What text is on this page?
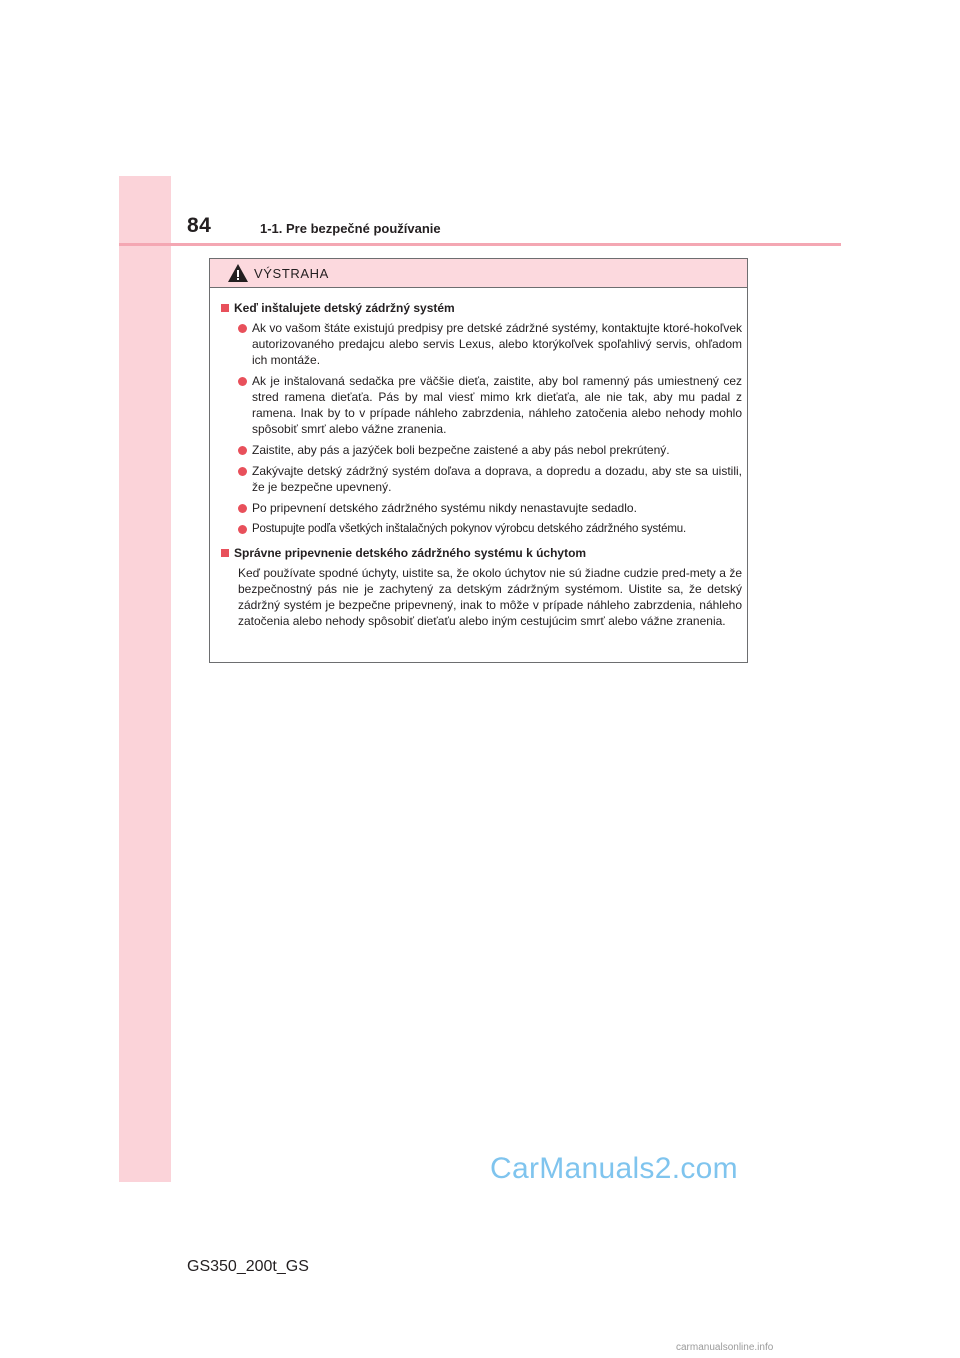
84	1-1. Pre bezpečné používanie
VÝSTRAHA
Keď inštalujete detský zádržný systém
Ak vo vašom štáte existujú predpisy pre detské zádržné systémy, kontaktujte ktoré-hokoľvek autorizovaného predajcu alebo servis Lexus, alebo ktorýkoľvek spoľahlivý servis, ohľadom ich montáže.
Ak je inštalovaná sedačka pre väčšie dieťa, zaistite, aby bol ramenný pás umiestnený cez stred ramena dieťaťa. Pás by mal viesť mimo krk dieťaťa, ale nie tak, aby mu padal z ramena. Inak by to v prípade náhleho zabrzdenia, náhleho zatočenia alebo nehody mohlo spôsobiť smrť alebo vážne zranenia.
Zaistite, aby pás a jazýček boli bezpečne zaistené a aby pás nebol prekrútený.
Zakývajte detský zádržný systém doľava a doprava, a dopredu a dozadu, aby ste sa uistili, že je bezpečne upevnený.
Po pripevnení detského zádržného systému nikdy nenastavujte sedadlo.
Postupujte podľa všetkých inštalačných pokynov výrobcu detského zádržného systému.
Správne pripevnenie detského zádržného systému k úchytom
Keď používate spodné úchyty, uistite sa, že okolo úchytov nie sú žiadne cudzie pred-mety a že bezpečnostný pás nie je zachytený za detským zádržným systémom. Uistite sa, že detský zádržný systém je bezpečne pripevnený, inak to môže v prípade náhleho zabrzdenia, náhleho zatočenia alebo nehody spôsobiť dieťaťu alebo iným cestujúcim smrť alebo vážne zranenia.
CarManuals2.com
GS350_200t_GS
carmanualsonline.info
